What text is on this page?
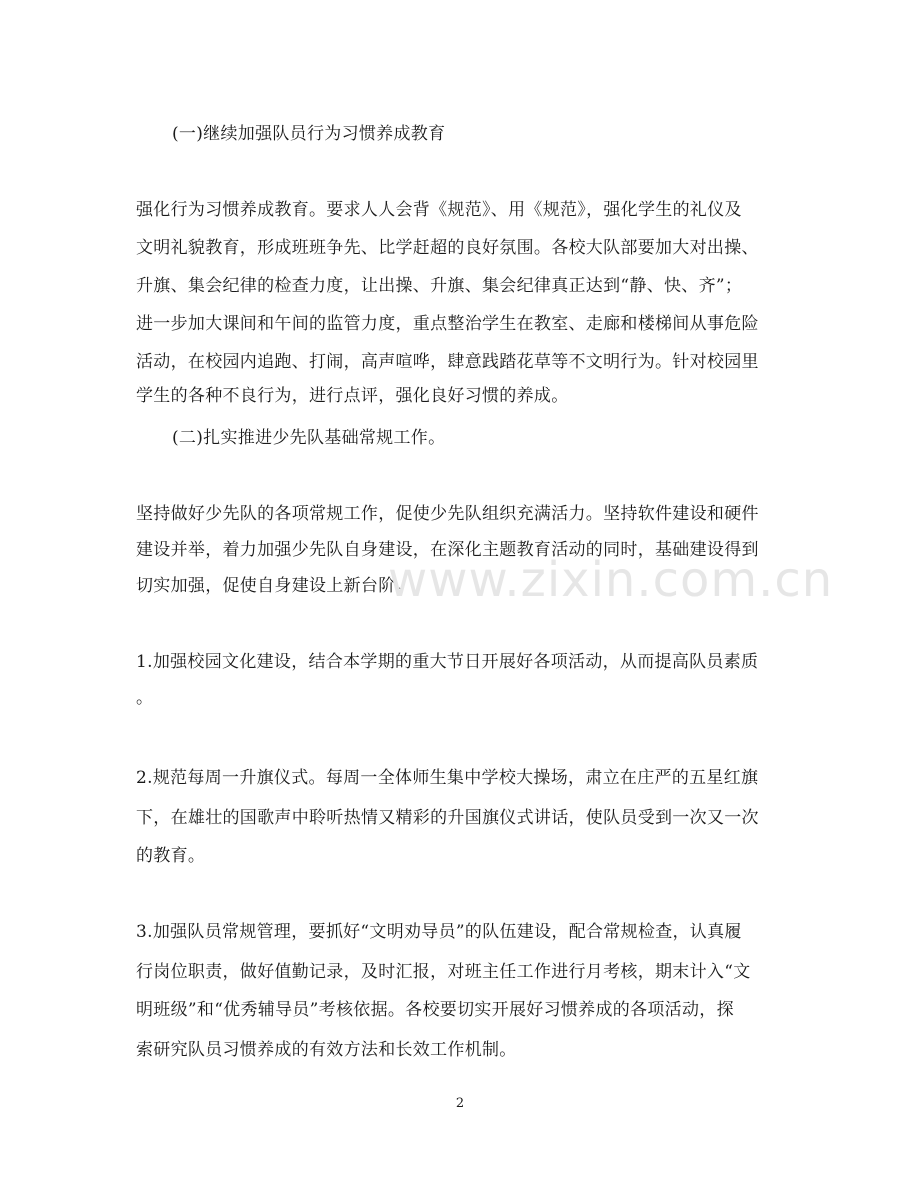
(一)继续加强队员行为习惯养成教育
强化行为习惯养成教育。要求人人会背《规范》、用《规范》，强化学生的礼仪及
文明礼貌教育，形成班班争先、比学赶超的良好氛围。各校大队部要加大对出操、
升旗、集会纪律的检查力度，让出操、升旗、集会纪律真正达到“静、快、齐”；
进一步加大课间和午间的监管力度，重点整治学生在教室、走廊和楼梯间从事危险
活动，在校园内追跑、打闹，高声喧哗，肆意践踏花草等不文明行为。针对校园里
学生的各种不良行为，进行点评，强化良好习惯的养成。
(二)扎实推进少先队基础常规工作。
坚持做好少先队的各项常规工作，促使少先队组织充满活力。坚持软件建设和硬件
建设并举，着力加强少先队自身建设，在深化主题教育活动的同时，基础建设得到
切实加强，促使自身建设上新台阶。
www.zixin.com.cn
1.加强校园文化建设，结合本学期的重大节日开展好各项活动，从而提高队员素质
。
2.规范每周一升旗仪式。每周一全体师生集中学校大操场，肃立在庄严的五星红旗
下，在雄壮的国歌声中聆听热情又精彩的升国旗仪式讲话，使队员受到一次又一次
的教育。
3.加强队员常规管理，要抓好“文明劝导员”的队伍建设，配合常规检查，认真履
行岗位职责，做好值勤记录，及时汇报，对班主任工作进行月考核，期末计入“文
明班级”和“优秀辅导员”考核依据。各校要切实开展好习惯养成的各项活动，探
索研究队员习惯养成的有效方法和长效工作机制。
2
